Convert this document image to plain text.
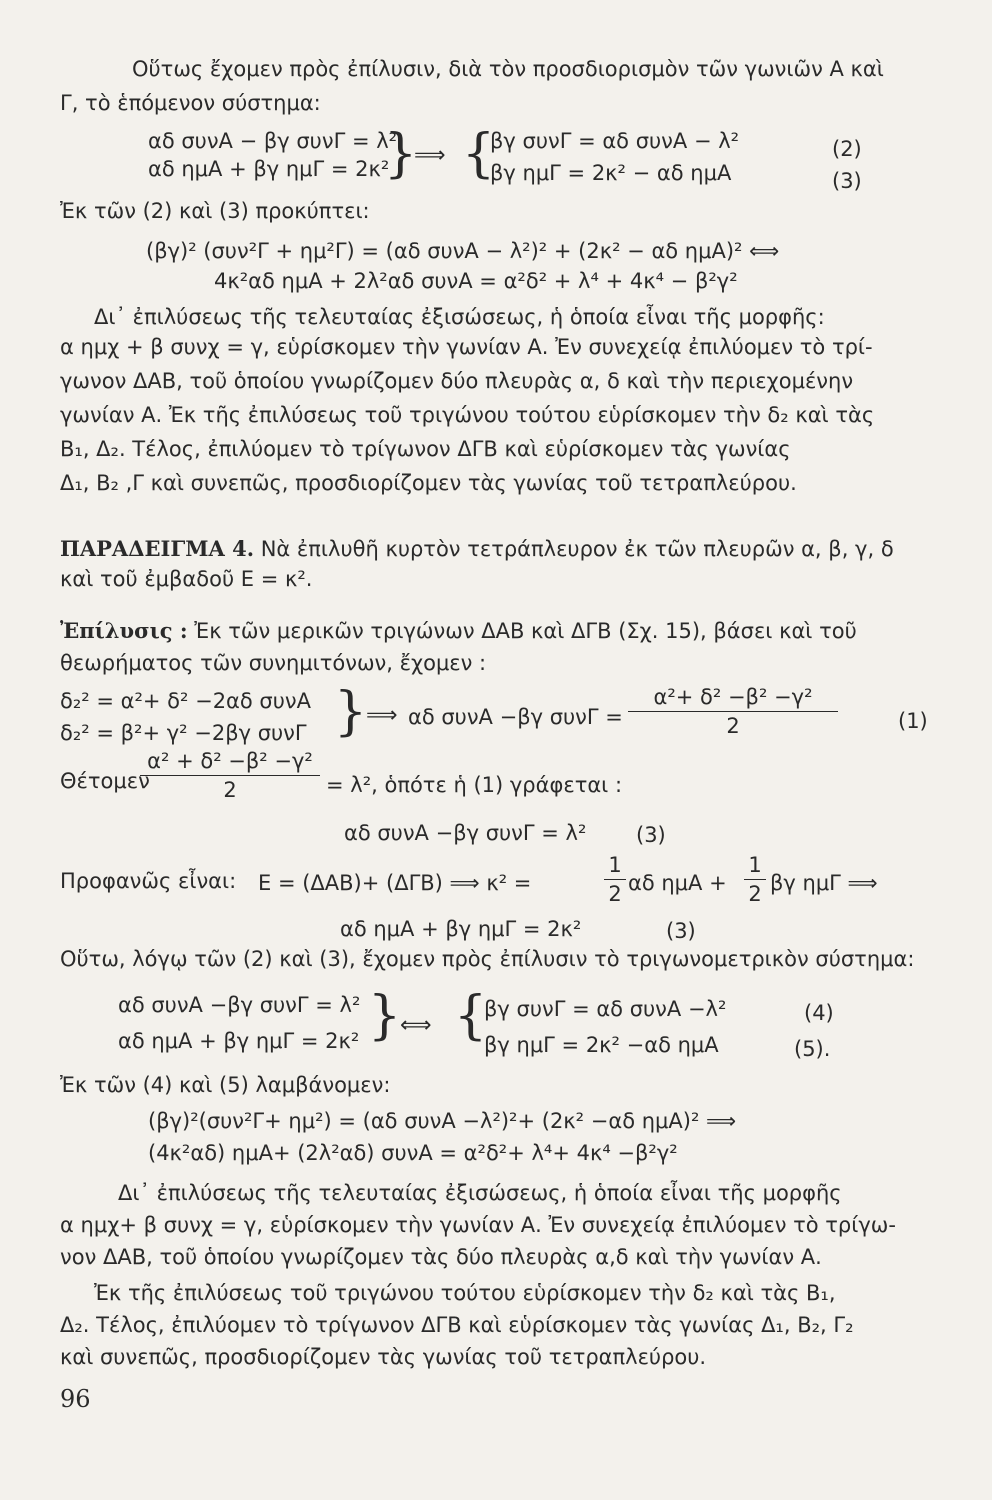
Οὕτως ἔχομεν πρὸς ἐπίλυσιν, διὰ τὸν προσδιορισμὸν τῶν γωνιῶν Α καὶ
Γ, τὸ ἑπόμενον σύστημα:
αδ συνΑ − βγ συνΓ = λ²
αδ ημΑ + βγ ημΓ = 2κ²
}
⟹ {
βγ συνΓ = αδ συνΑ − λ²
βγ ημΓ = 2κ² − αδ ημΑ
(2)
(3)
Ἐκ τῶν (2) καὶ (3) προκύπτει:
(βγ)² (συν²Γ + ημ²Γ) = (αδ συνΑ − λ²)² + (2κ² − αδ ημΑ)² ⟺
4κ²αδ ημΑ + 2λ²αδ συνΑ = α²δ² + λ⁴ + 4κ⁴ − β²γ²
Δι᾽ ἐπιλύσεως τῆς τελευταίας ἐξισώσεως, ἡ ὁποία εἶναι τῆς μορφῆς:
α ημχ + β συνχ = γ, εὑρίσκομεν τὴν γωνίαν Α. Ἐν συνεχείᾳ ἐπιλύομεν τὸ τρί-
γωνον ΔΑΒ, τοῦ ὁποίου γνωρίζομεν δύο πλευρὰς α, δ καὶ τὴν περιεχομένην
γωνίαν Α. Ἐκ τῆς ἐπιλύσεως τοῦ τριγώνου τούτου εὑρίσκομεν τὴν δ₂ καὶ τὰς
Β₁, Δ₂. Τέλος, ἐπιλύομεν τὸ τρίγωνον ΔΓΒ καὶ εὑρίσκομεν τὰς γωνίας
Δ₁, Β₂ ,Γ καὶ συνεπῶς, προσδιορίζομεν τὰς γωνίας τοῦ τετραπλεύρου.
ΠΑΡΑΔΕΙΓΜΑ 4. Νὰ ἐπιλυθῆ κυρτὸν τετράπλευρον ἐκ τῶν πλευρῶν α, β, γ, δ
καὶ τοῦ ἐμβαδοῦ Ε = κ².
Ἐπίλυσις : Ἐκ τῶν μερικῶν τριγώνων ΔΑΒ καὶ ΔΓΒ (Σχ. 15), βάσει καὶ τοῦ
θεωρήματος τῶν συνημιτόνων, ἔχομεν :
δ₂² = α²+ δ² −2αδ συνΑ
δ₂² = β²+ γ² −2βγ συνΓ }
⟹ αδ συνΑ −βγ συνΓ =
α²+ δ² −β² −γ²
2	(1)
Θέτομεν
α² + δ² −β² −γ²
2	= λ², ὁπότε ἡ (1) γράφεται :
αδ συνΑ −βγ συνΓ = λ² (3)
Προφανῶς εἶναι: Ε = (ΔΑΒ)+ (ΔΓΒ) ⟹ κ² =
1
2 αδ ημΑ +
1
2 βγ ημΓ ⟹
αδ ημΑ + βγ ημΓ = 2κ²	(3)
Οὕτω, λόγῳ τῶν (2) καὶ (3), ἔχομεν πρὸς ἐπίλυσιν τὸ τριγωνομετρικὸν σύστημα:
αδ συνΑ −βγ συνΓ = λ²
αδ ημΑ + βγ ημΓ = 2κ² }
⟺ {
βγ συνΓ = αδ συνΑ −λ²
βγ ημΓ = 2κ² −αδ ημΑ
(4)
(5).
Ἐκ τῶν (4) καὶ (5) λαμβάνομεν:
(βγ)²(συν²Γ+ ημ²) = (αδ συνΑ −λ²)²+ (2κ² −αδ ημΑ)² ⟹
(4κ²αδ) ημΑ+ (2λ²αδ) συνΑ = α²δ²+ λ⁴+ 4κ⁴ −β²γ²
Δι᾽ ἐπιλύσεως τῆς τελευταίας ἐξισώσεως, ἡ ὁποία εἶναι τῆς μορφῆς
α ημχ+ β συνχ = γ, εὑρίσκομεν τὴν γωνίαν Α. Ἐν συνεχείᾳ ἐπιλύομεν τὸ τρίγω-
νον ΔΑΒ, τοῦ ὁποίου γνωρίζομεν τὰς δύο πλευρὰς α,δ καὶ τὴν γωνίαν Α.
Ἐκ τῆς ἐπιλύσεως τοῦ τριγώνου τούτου εὑρίσκομεν τὴν δ₂ καὶ τὰς Β₁,
Δ₂. Τέλος, ἐπιλύομεν τὸ τρίγωνον ΔΓΒ καὶ εὑρίσκομεν τὰς γωνίας Δ₁, Β₂, Γ₂
καὶ συνεπῶς, προσδιορίζομεν τὰς γωνίας τοῦ τετραπλεύρου.
96
